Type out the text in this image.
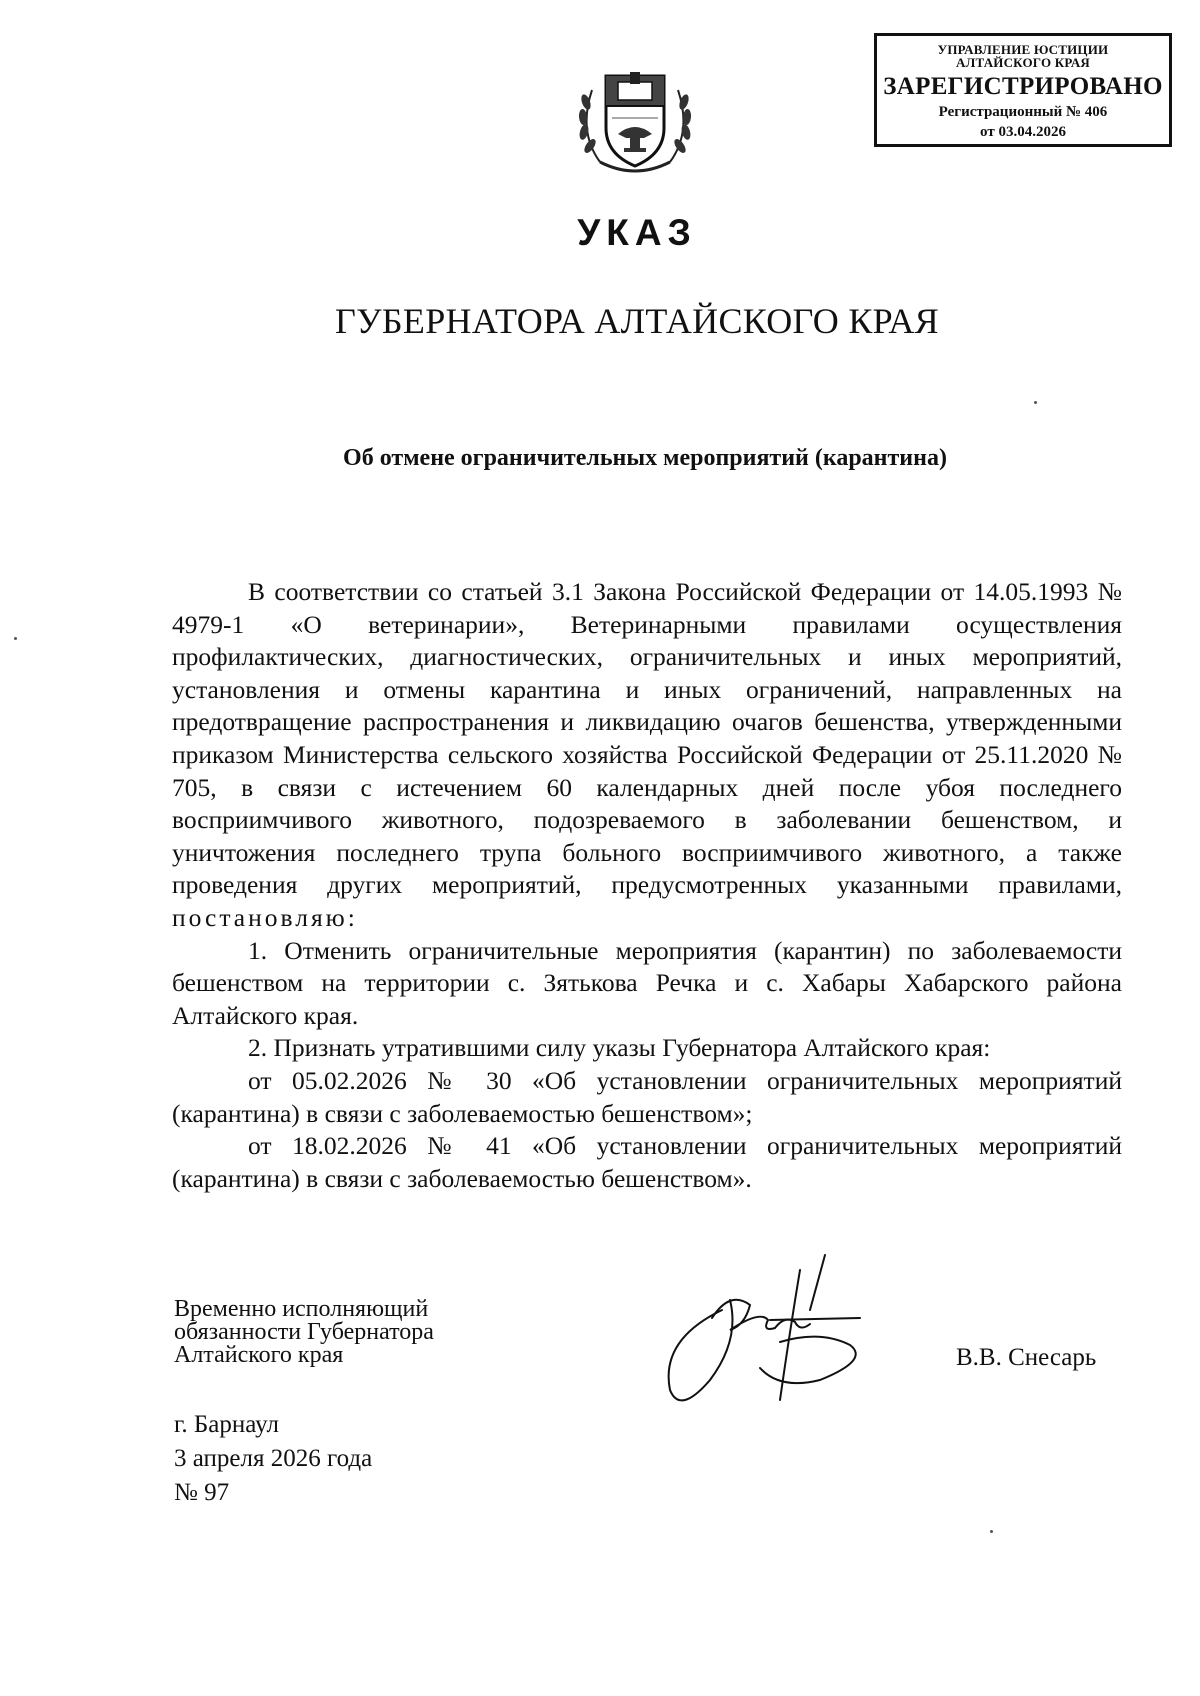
УПРАВЛЕНИЕ ЮСТИЦИИ
АЛТАЙСКОГО КРАЯ
ЗАРЕГИСТРИРОВАНО
Регистрационный № 406
от 03.04.2026
УКАЗ
ГУБЕРНАТОРА АЛТАЙСКОГО КРАЯ
Об отмене ограничительных мероприятий (карантина)

В соответствии со статьей 3.1 Закона Российской Федерации от 14.05.1993 № 4979-1 «О ветеринарии», Ветеринарными правилами осуществления профилактических, диагностических, ограничительных и иных мероприятий, установления и отмены карантина и иных ограничений, направленных на предотвращение распространения и ликвидацию очагов бешенства, утвержденными приказом Министерства сельского хозяйства Российской Федерации от 25.11.2020 № 705, в связи с истечением 60 календарных дней после убоя последнего восприимчивого животного, подозреваемого в заболевании бешенством, и уничтожения последнего трупа больного восприимчивого животного, а также проведения других мероприятий, предусмотренных указанными правилами, постановляю:

1. Отменить ограничительные мероприятия (карантин) по заболеваемости бешенством на территории с. Зятькова Речка и с. Хабары Хабарского района Алтайского края.

2. Признать утратившими силу указы Губернатора Алтайского края:

от 05.02.2026 № 30 «Об установлении ограничительных мероприятий (карантина) в связи с заболеваемостью бешенством»;

от 18.02.2026 № 41 «Об установлении ограничительных мероприятий (карантина) в связи с заболеваемостью бешенством».

Временно исполняющий
обязанности Губернатора
Алтайского края	В.В. Снесарь
г. Барнаул
3 апреля 2026 года
№ 97
